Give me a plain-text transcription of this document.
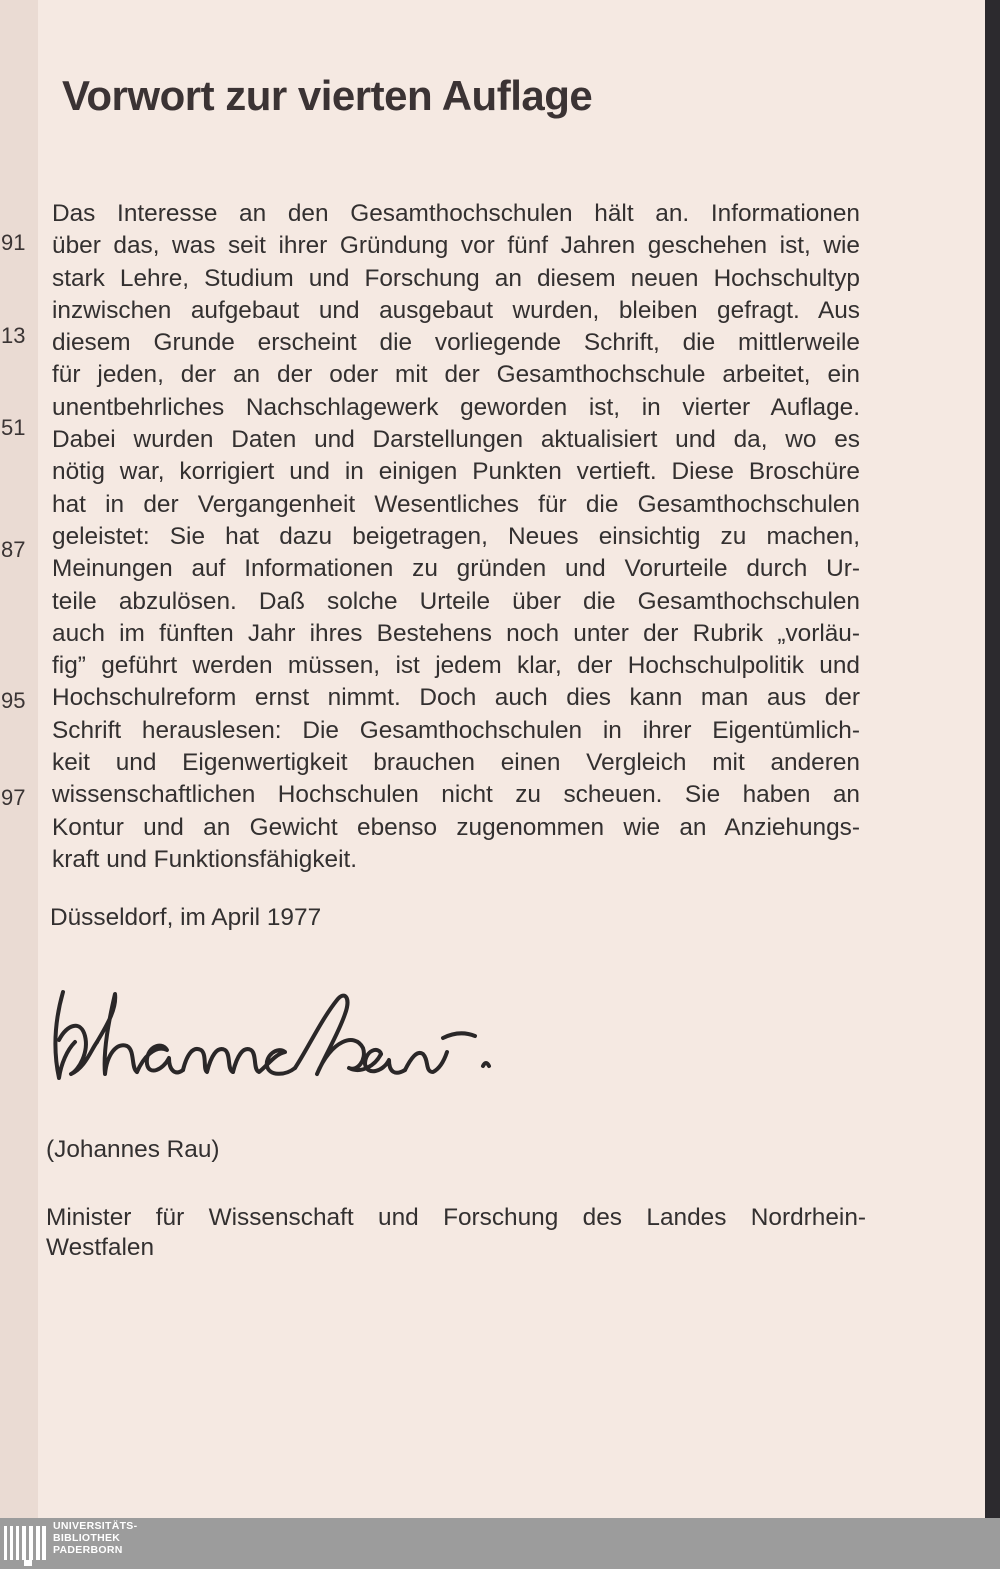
91
13
51
87
95
97
Vorwort zur vierten Auflage
Das Interesse an den Gesamthochschulen hält an. Informationen
über das, was seit ihrer Gründung vor fünf Jahren geschehen ist, wie
stark Lehre, Studium und Forschung an diesem neuen Hochschultyp
inzwischen aufgebaut und ausgebaut wurden, bleiben gefragt. Aus
diesem Grunde erscheint die vorliegende Schrift, die mittlerweile
für jeden, der an der oder mit der Gesamthochschule arbeitet, ein
unentbehrliches Nachschlagewerk geworden ist, in vierter Auflage.
Dabei wurden Daten und Darstellungen aktualisiert und da, wo es
nötig war, korrigiert und in einigen Punkten vertieft. Diese Broschüre
hat in der Vergangenheit Wesentliches für die Gesamthochschulen
geleistet: Sie hat dazu beigetragen, Neues einsichtig zu machen,
Meinungen auf Informationen zu gründen und Vorurteile durch Ur-
teile abzulösen. Daß solche Urteile über die Gesamthochschulen
auch im fünften Jahr ihres Bestehens noch unter der Rubrik „vorläu-
fig” geführt werden müssen, ist jedem klar, der Hochschulpolitik und
Hochschulreform ernst nimmt. Doch auch dies kann man aus der
Schrift herauslesen: Die Gesamthochschulen in ihrer Eigentümlich-
keit und Eigenwertigkeit brauchen einen Vergleich mit anderen
wissenschaftlichen Hochschulen nicht zu scheuen. Sie haben an
Kontur und an Gewicht ebenso zugenommen wie an Anziehungs-
kraft und Funktionsfähigkeit.

Düsseldorf, im April 1977

(Johannes Rau)

Minister für Wissenschaft und Forschung des Landes Nordrhein-
Westfalen
UNIVERSITÄTS-
BIBLIOTHEK
PADERBORN
